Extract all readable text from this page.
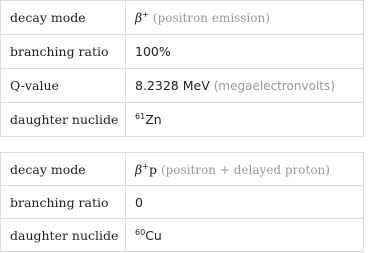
decay mode	β+ (positron emission)
branching ratio	100%
Q-value	8.2328 MeV (megaelectronvolts)
daughter nuclide	$^{61}$Zn
decay mode	β+p (positron + delayed proton)
branching ratio	0
daughter nuclide	$^{60}$Cu
